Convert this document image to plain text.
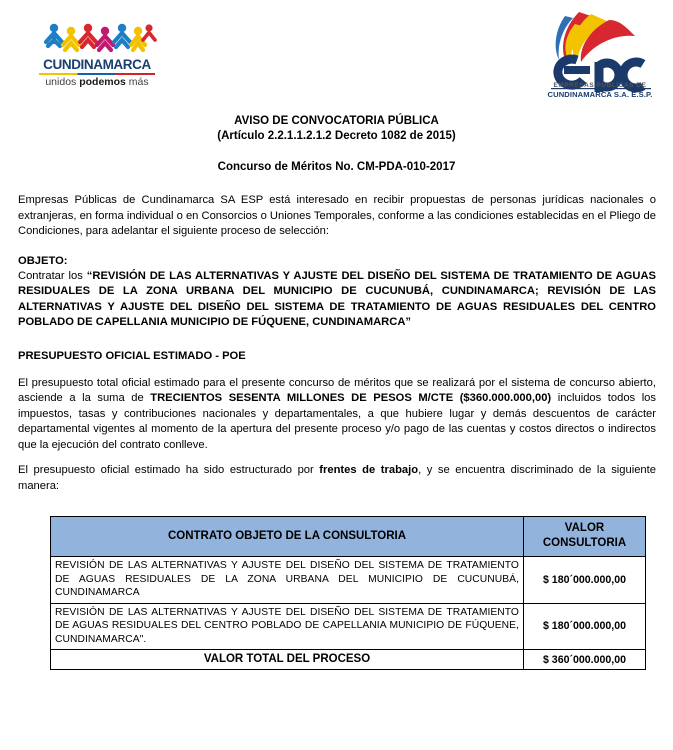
CUNDINAMARCA
unidos podemos más	EMPRESAS PÚBLICAS DE
CUNDINAMARCA S.A. E.S.P.
AVISO DE CONVOCATORIA PÚBLICA
(Artículo 2.2.1.1.2.1.2 Decreto 1082 de 2015)
Concurso de Méritos No. CM-PDA-010-2017

Empresas Públicas de Cundinamarca SA ESP está interesado en recibir propuestas de personas jurídicas nacionales o extranjeras, en forma individual o en Consorcios o Uniones Temporales, conforme a las condiciones establecidas en el Pliego de Condiciones, para adelantar el siguiente proceso de selección:

OBJETO:

Contratar los “REVISIÓN DE LAS ALTERNATIVAS Y AJUSTE DEL DISEÑO DEL SISTEMA DE TRATAMIENTO DE AGUAS RESIDUALES DE LA ZONA URBANA DEL MUNICIPIO DE CUCUNUBÁ, CUNDINAMARCA; REVISIÓN DE LAS ALTERNATIVAS Y AJUSTE DEL DISEÑO DEL SISTEMA DE TRATAMIENTO DE AGUAS RESIDUALES DEL CENTRO POBLADO DE CAPELLANIA MUNICIPIO DE FÚQUENE, CUNDINAMARCA”

PRESUPUESTO OFICIAL ESTIMADO - POE

El presupuesto total oficial estimado para el presente concurso de méritos que se realizará por el sistema de concurso abierto, asciende a la suma de TRECIENTOS SESENTA MILLONES DE PESOS M/CTE ($360.000.000,00) incluidos todos los impuestos, tasas y contribuciones nacionales y departamentales, a que hubiere lugar y demás descuentos de carácter departamental vigentes al momento de la apertura del presente proceso y/o pago de las cuentas y costos directos o indirectos que la ejecución del contrato conlleve.

El presupuesto oficial estimado ha sido estructurado por frentes de trabajo, y se encuentra discriminado de la siguiente manera:

CONTRATO OBJETO DE LA CONSULTORIA	VALOR
CONSULTORIA

REVISIÓN DE LAS ALTERNATIVAS Y AJUSTE DEL DISEÑO DEL SISTEMA DE TRATAMIENTO DE AGUAS RESIDUALES DE LA ZONA URBANA DEL MUNICIPIO DE CUCUNUBÁ, CUNDINAMARCA	$ 180´000.000,00
REVISIÓN DE LAS ALTERNATIVAS Y AJUSTE DEL DISEÑO DEL SISTEMA DE TRATAMIENTO DE AGUAS RESIDUALES DEL CENTRO POBLADO DE CAPELLANIA MUNICIPIO DE FÚQUENE, CUNDINAMARCA".	$ 180´000.000,00
VALOR TOTAL DEL PROCESO	$ 360´000.000,00
